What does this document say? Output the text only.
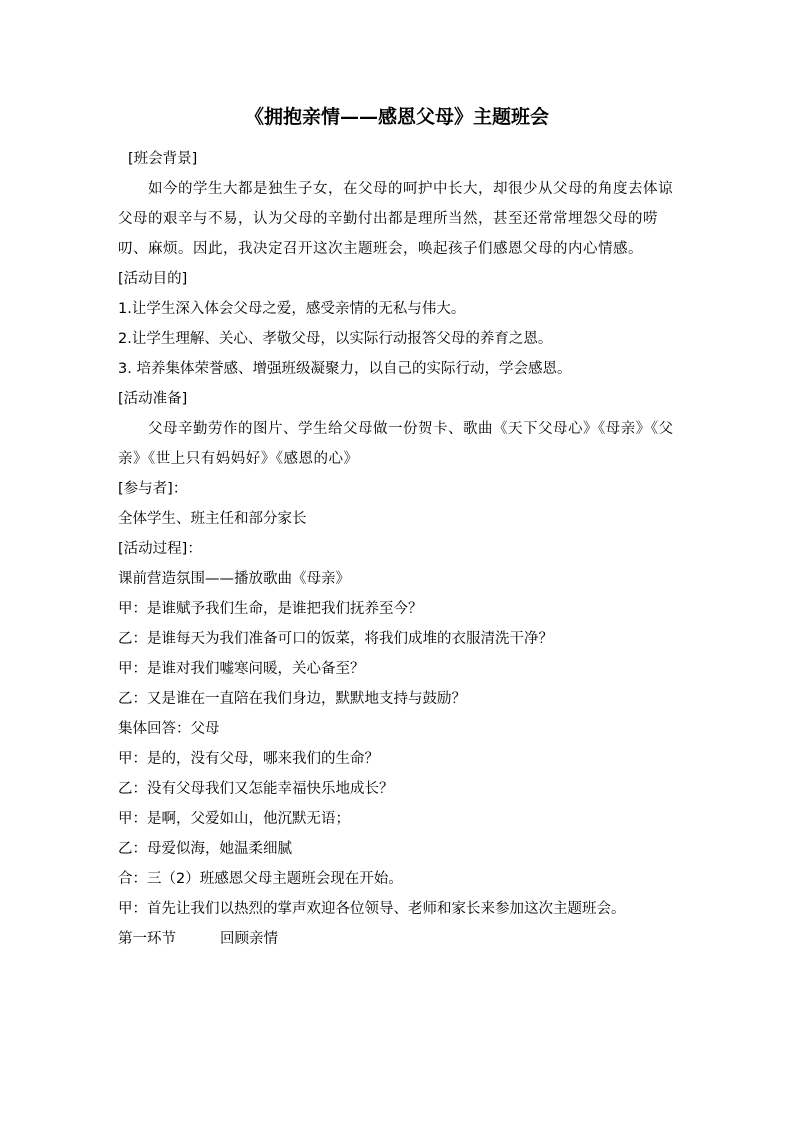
《拥抱亲情——感恩父母》主题班会

[班会背景]

如今的学生大都是独生子女，在父母的呵护中长大，却很少从父母的角度去体谅父母的艰辛与不易，认为父母的辛勤付出都是理所当然，甚至还常常埋怨父母的唠叨、麻烦。因此，我决定召开这次主题班会，唤起孩子们感恩父母的内心情感。

[活动目的]

1.让学生深入体会父母之爱，感受亲情的无私与伟大。

2.让学生理解、关心、孝敬父母，以实际行动报答父母的养育之恩。

3. 培养集体荣誉感、增强班级凝聚力，以自己的实际行动，学会感恩。

[活动准备]

父母辛勤劳作的图片、学生给父母做一份贺卡、歌曲《天下父母心》《母亲》《父亲》《世上只有妈妈好》《感恩的心》

[参与者]：

全体学生、班主任和部分家长

[活动过程]：

课前营造氛围——播放歌曲《母亲》

甲：是谁赋予我们生命，是谁把我们抚养至今？

乙：是谁每天为我们准备可口的饭菜，将我们成堆的衣服清洗干净？

甲：是谁对我们嘘寒问暖，关心备至？

乙：又是谁在一直陪在我们身边，默默地支持与鼓励？

集体回答：父母

甲：是的，没有父母，哪来我们的生命？

乙：没有父母我们又怎能幸福快乐地成长？

甲：是啊，父爱如山，他沉默无语；

乙：母爱似海，她温柔细腻

合：三（2）班感恩父母主题班会现在开始。

甲：首先让我们以热烈的掌声欢迎各位领导、老师和家长来参加这次主题班会。

第一环节	回顾亲情
